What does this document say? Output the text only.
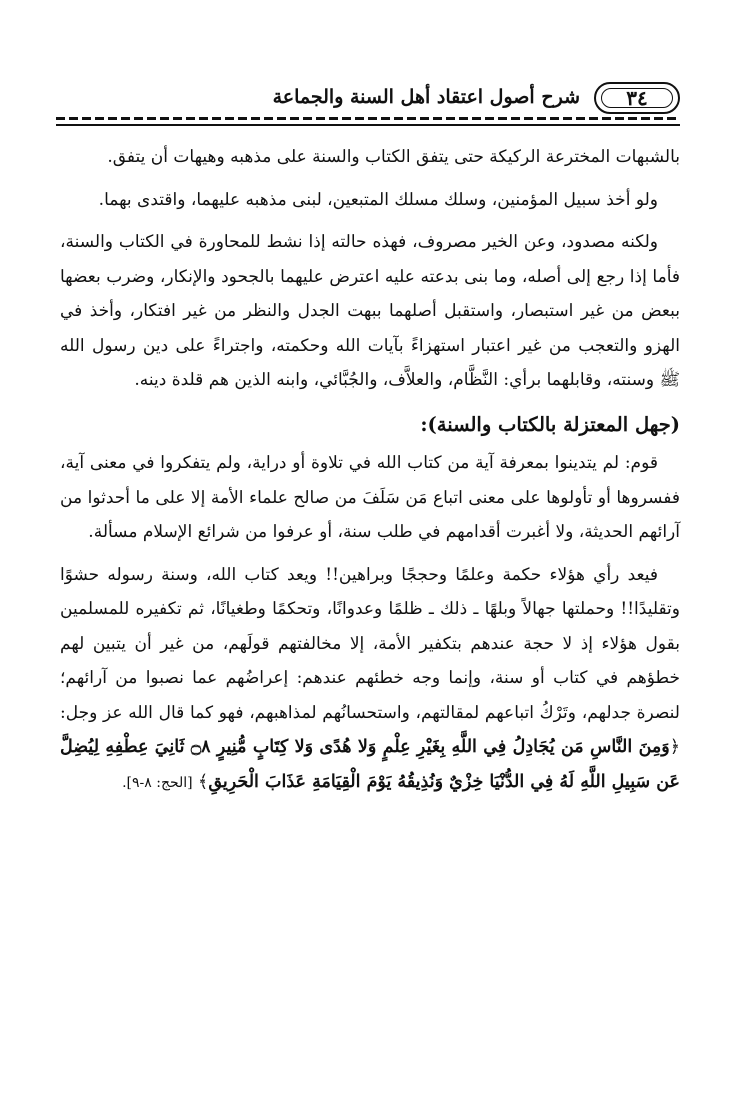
٣٤
شرح أصول اعتقاد أهل السنة والجماعة

بالشبهات المخترعة الركيكة حتى يتفق الكتاب والسنة على مذهبه وهيهات أن يتفق.

ولو أخذ سبيل المؤمنين، وسلك مسلك المتبعين، لبنى مذهبه عليهما، واقتدى بهما.

ولكنه مصدود، وعن الخير مصروف، فهذه حالته إذا نشط للمحاورة في الكتاب والسنة، فأما إذا رجع إلى أصله، وما بنى بدعته عليه اعترض عليهما بالجحود والإنكار، وضرب بعضها ببعض من غير استبصار، واستقبل أصلهما ببهت الجدل والنظر من غير افتكار، وأخذ في الهزو والتعجب من غير اعتبار استهزاءً بآيات الله وحكمته، واجتراءً على دين رسول الله ﷺ وسنته، وقابلهما برأي: النَّظَّام، والعلاَّف، والجُبَّائي، وابنه الذين هم قلدة دينه.

(جهل المعتزلة بالكتاب والسنة):

قوم: لم يتدينوا بمعرفة آية من كتاب الله في تلاوة أو دراية، ولم يتفكروا في معنى آية، ففسروها أو تأولوها على معنى اتباع مَن سَلَفَ من صالح علماء الأمة إلا على ما أحدثوا من آرائهم الحديثة، ولا أغبرت أقدامهم في طلب سنة، أو عرفوا من شرائع الإسلام مسألة.

فيعد رأي هؤلاء حكمة وعلمًا وحججًا وبراهين!! ويعد كتاب الله، وسنة رسوله حشوًا وتقليدًا!! وحملتها جهالاً وبلهًا ـ ذلك ـ ظلمًا وعدوانًا، وتحكمًا وطغيانًا، ثم تكفيره للمسلمين بقول هؤلاء إذ لا حجة عندهم بتكفير الأمة، إلا مخالفتهم قولَهم، من غير أن يتبين لهم خطؤهم في كتاب أو سنة، وإنما وجه خطئهم عندهم: إعراضُهم عما نصبوا من آرائهم؛ لنصرة جدلهم، وتَرْكُ اتباعهم لمقالتهم، واستحسانُهم لمذاهبهم، فهو كما قال الله عز وجل: ﴿وَمِنَ النَّاسِ مَن يُجَادِلُ فِي اللَّهِ بِغَيْرِ عِلْمٍ وَلا هُدًى وَلا كِتَابٍ مُّنِيرٍ ۝٨ ثَانِيَ عِطْفِهِ لِيُضِلَّ عَن سَبِيلِ اللَّهِ لَهُ فِي الدُّنْيَا خِزْيٌ وَنُذِيقُهُ يَوْمَ الْقِيَامَةِ عَذَابَ الْحَرِيقِ﴾ [الحج: ٨-٩].
